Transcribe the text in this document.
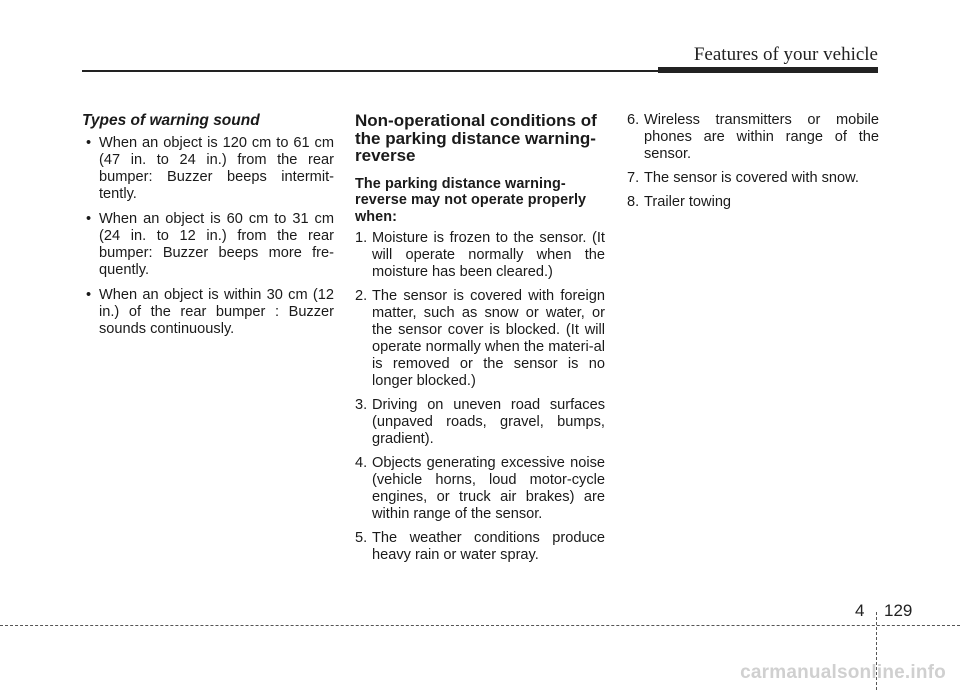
Features of your vehicle
Types of warning sound
• When an object is 120 cm to 61 cm (47 in. to 24 in.) from the rear bumper: Buzzer beeps intermit-tently.
• When an object is 60 cm to 31 cm (24 in. to 12 in.) from the rear bumper: Buzzer beeps more fre-quently.
• When an object is within 30 cm (12 in.) of the rear bumper : Buzzer sounds continuously.
Non-operational conditions of the parking distance warning-reverse
The parking distance warning-reverse may not operate properly when:
1. Moisture is frozen to the sensor. (It will operate normally when the moisture has been cleared.)
2. The sensor is covered with foreign matter, such as snow or water, or the sensor cover is blocked. (It will operate normally when the materi-al is removed or the sensor is no longer blocked.)
3. Driving on uneven road surfaces (unpaved roads, gravel, bumps, gradient).
4. Objects generating excessive noise (vehicle horns, loud motor-cycle engines, or truck air brakes) are within range of the sensor.
5. The weather conditions produce heavy rain or water spray.
6. Wireless transmitters or mobile phones are within range of the sensor.
7. The sensor is covered with snow.
8. Trailer towing
4 129
carmanualsonline.info
